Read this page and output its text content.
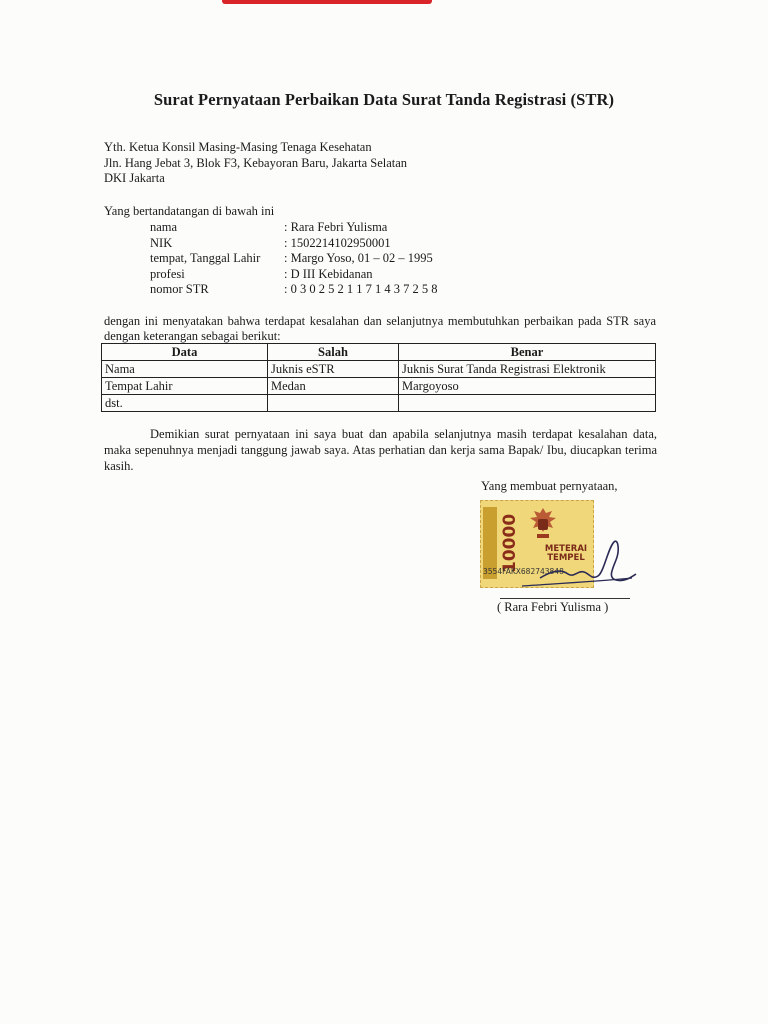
Surat Pernyataan Perbaikan Data Surat Tanda Registrasi (STR)
Yth. Ketua Konsil Masing-Masing Tenaga Kesehatan
Jln. Hang Jebat 3, Blok F3, Kebayoran Baru, Jakarta Selatan
DKI Jakarta
Yang bertandatangan di bawah ini
nama	: Rara Febri Yulisma
NIK	: 1502214102950001
tempat, Tanggal Lahir	: Margo Yoso, 01 – 02 – 1995
profesi	: D III Kebidanan
nomor STR	: 0 3 0 2 5 2 1 1 7 1 4 3 7 2 5 8
dengan ini menyatakan bahwa terdapat kesalahan dan selanjutnya membutuhkan perbaikan pada STR saya dengan keterangan sebagai berikut:
Data	Salah	Benar
Nama	Juknis eSTR	Juknis Surat Tanda Registrasi Elektronik
Tempat Lahir	Medan	Margoyoso
dst.		
Demikian surat pernyataan ini saya buat dan apabila selanjutnya masih terdapat kesalahan data, maka sepenuhnya menjadi tanggung jawab saya. Atas perhatian dan kerja sama Bapak/ Ibu, diucapkan terima kasih.
Yang membuat pernyataan,
10000	METERAI TEMPEL
3554FAKX682743848
( Rara Febri Yulisma )
